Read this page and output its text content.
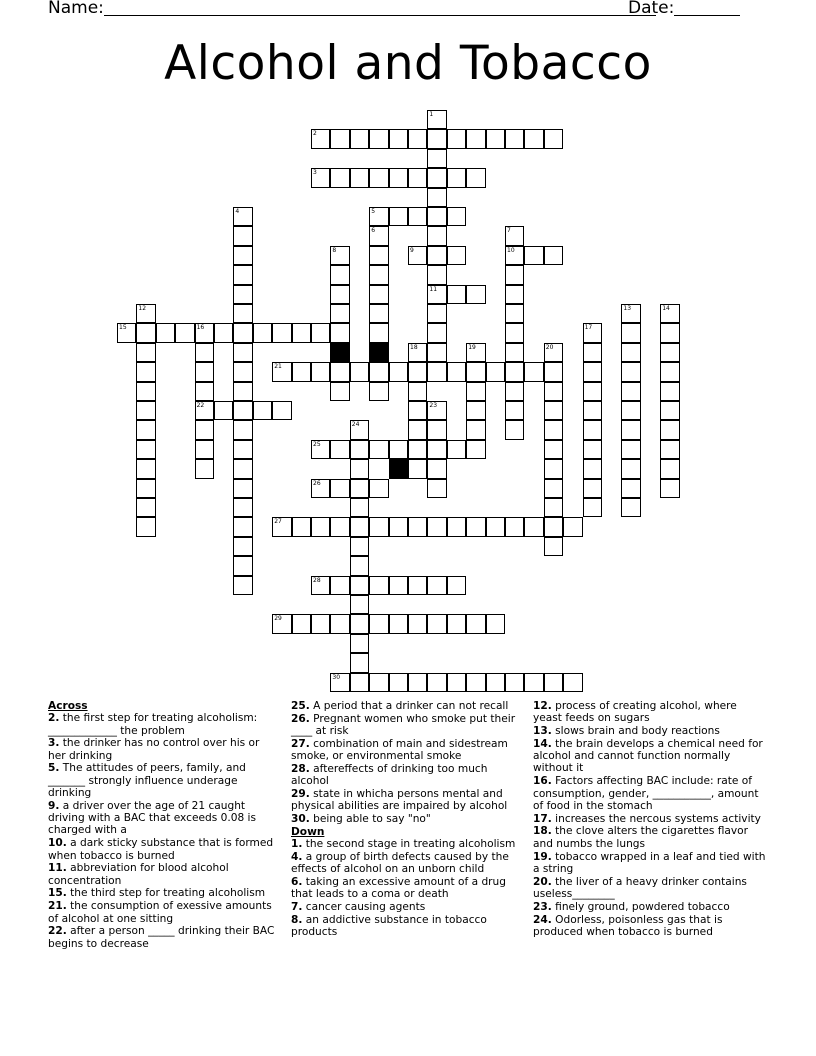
Name:	Date:
Alcohol and Tobacco
1
11
2
3
4	5
6	7
10
8	9
12	13	14
15	16
22
17
18	19	20
21
23
24
25
26
27
28
29
30

Across

2. the first step for treating alcoholism: _____________ the problem

3. the drinker has no control over his or her drinking

5. The attitudes of peers, family, and _______ strongly influence underage drinking

9. a driver over the age of 21 caught driving with a BAC that exceeds 0.08 is charged with a

10. a dark sticky substance that is formed when tobacco is burned

11. abbreviation for blood alcohol concentration

15. the third step for treating alcoholism

21. the consumption of exessive amounts of alcohol at one sitting

22. after a person _____ drinking their BAC begins to decrease

25. A period that a drinker can not recall

26. Pregnant women who smoke put their ____ at risk

27. combination of main and sidestream smoke, or environmental smoke

28. aftereffects of drinking too much alcohol

29. state in whicha persons mental and physical abilities are impaired by alcohol

30. being able to say "no"

Down

1. the second stage in treating alcoholism

4. a group of birth defects caused by the effects of alcohol on an unborn child

6. taking an excessive amount of a drug that leads to a coma or death

7. cancer causing agents

8. an addictive substance in tobacco products

12. process of creating alcohol, where yeast feeds on sugars

13. slows brain and body reactions

14. the brain develops a chemical need for alcohol and cannot function normally without it

16. Factors affecting BAC include: rate of consumption, gender, ___________, amount of food in the stomach

17. increases the nercous systems activity

18. the clove alters the cigarettes flavor and numbs the lungs

19. tobacco wrapped in a leaf and tied with a string

20. the liver of a heavy drinker contains useless________

23. finely ground, powdered tobacco

24. Odorless, poisonless gas that is produced when tobacco is burned
